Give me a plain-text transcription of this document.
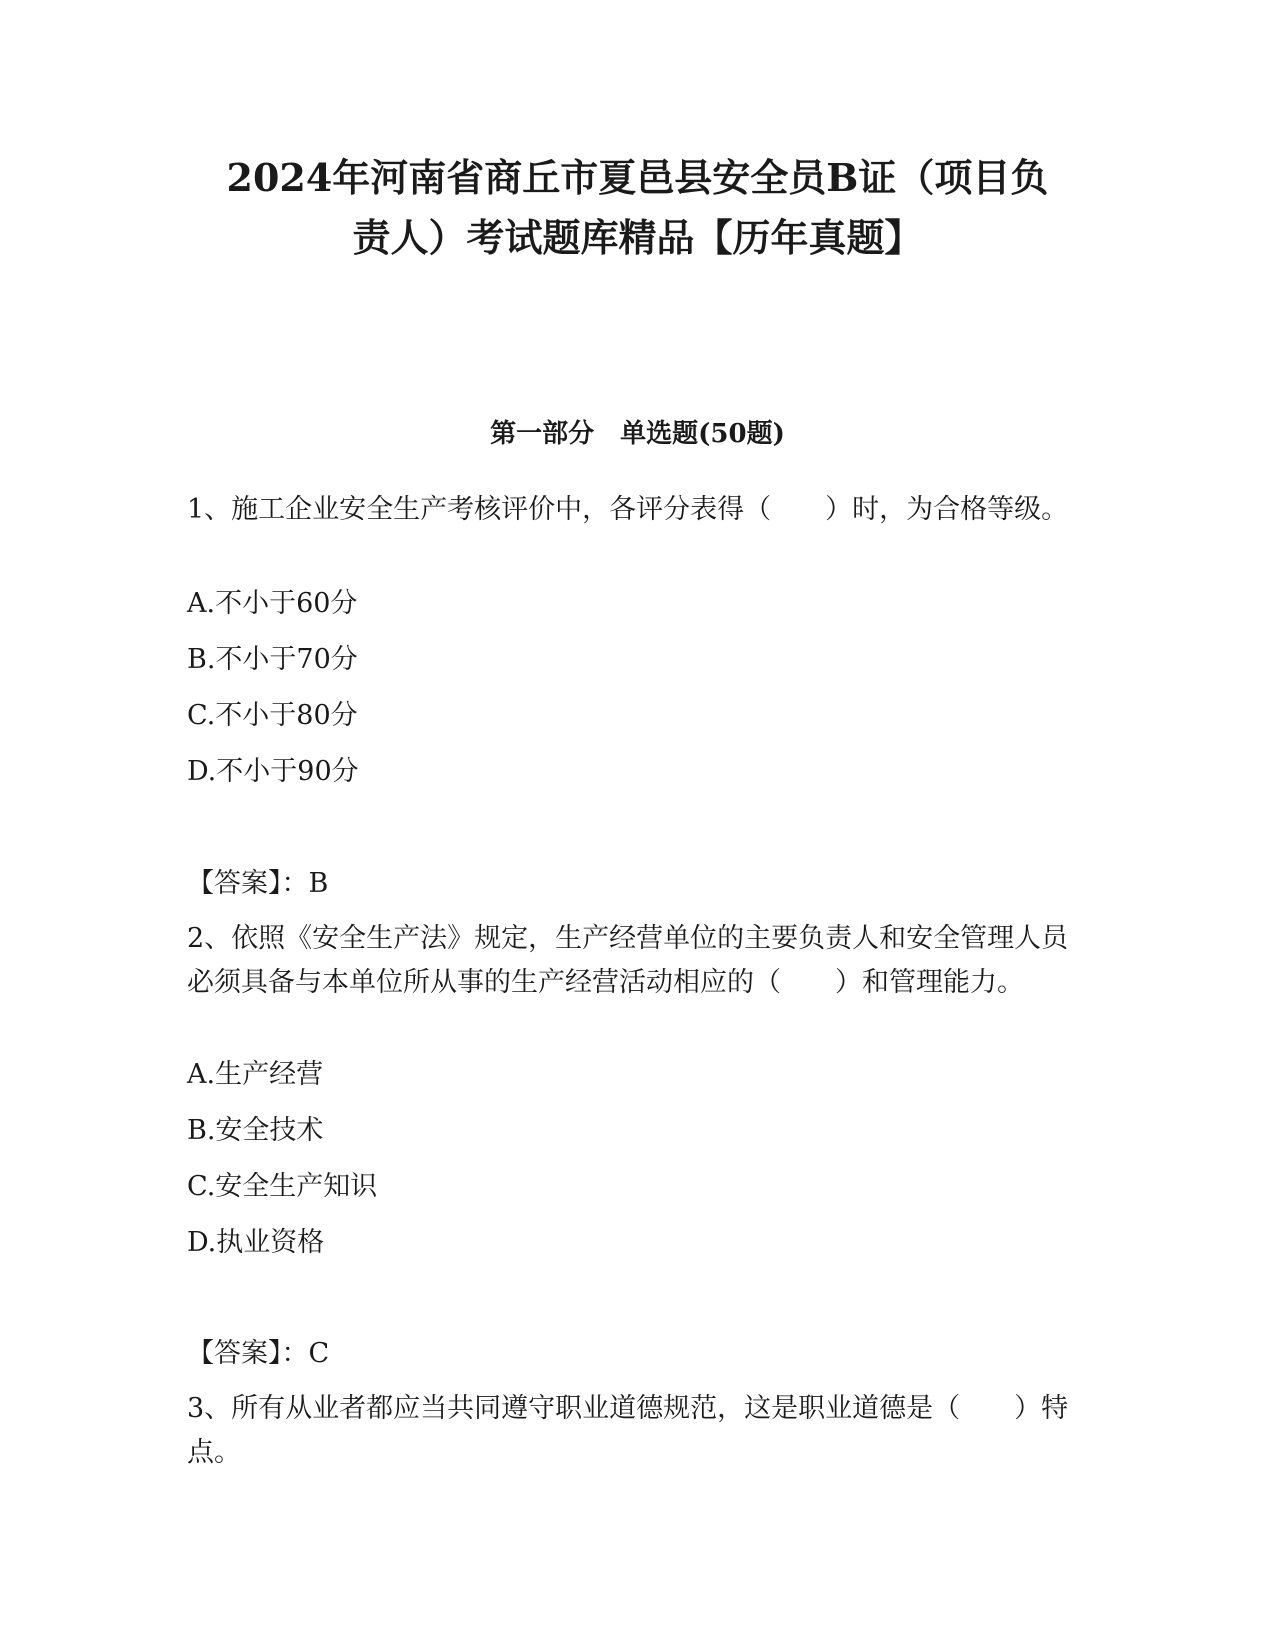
2024年河南省商丘市夏邑县安全员B证（项目负
责人）考试题库精品【历年真题】
第一部分　单选题(50题)

1、施工企业安全生产考核评价中，各评分表得（　　）时，为合格等级。

A.不小于60分

B.不小于70分

C.不小于80分

D.不小于90分

【答案】：B

2、依照《安全生产法》规定，生产经营单位的主要负责人和安全管理人员必须具备与本单位所从事的生产经营活动相应的（　　）和管理能力。

A.生产经营

B.安全技术

C.安全生产知识

D.执业资格

【答案】：C

3、所有从业者都应当共同遵守职业道德规范，这是职业道德是（　　）特点。
